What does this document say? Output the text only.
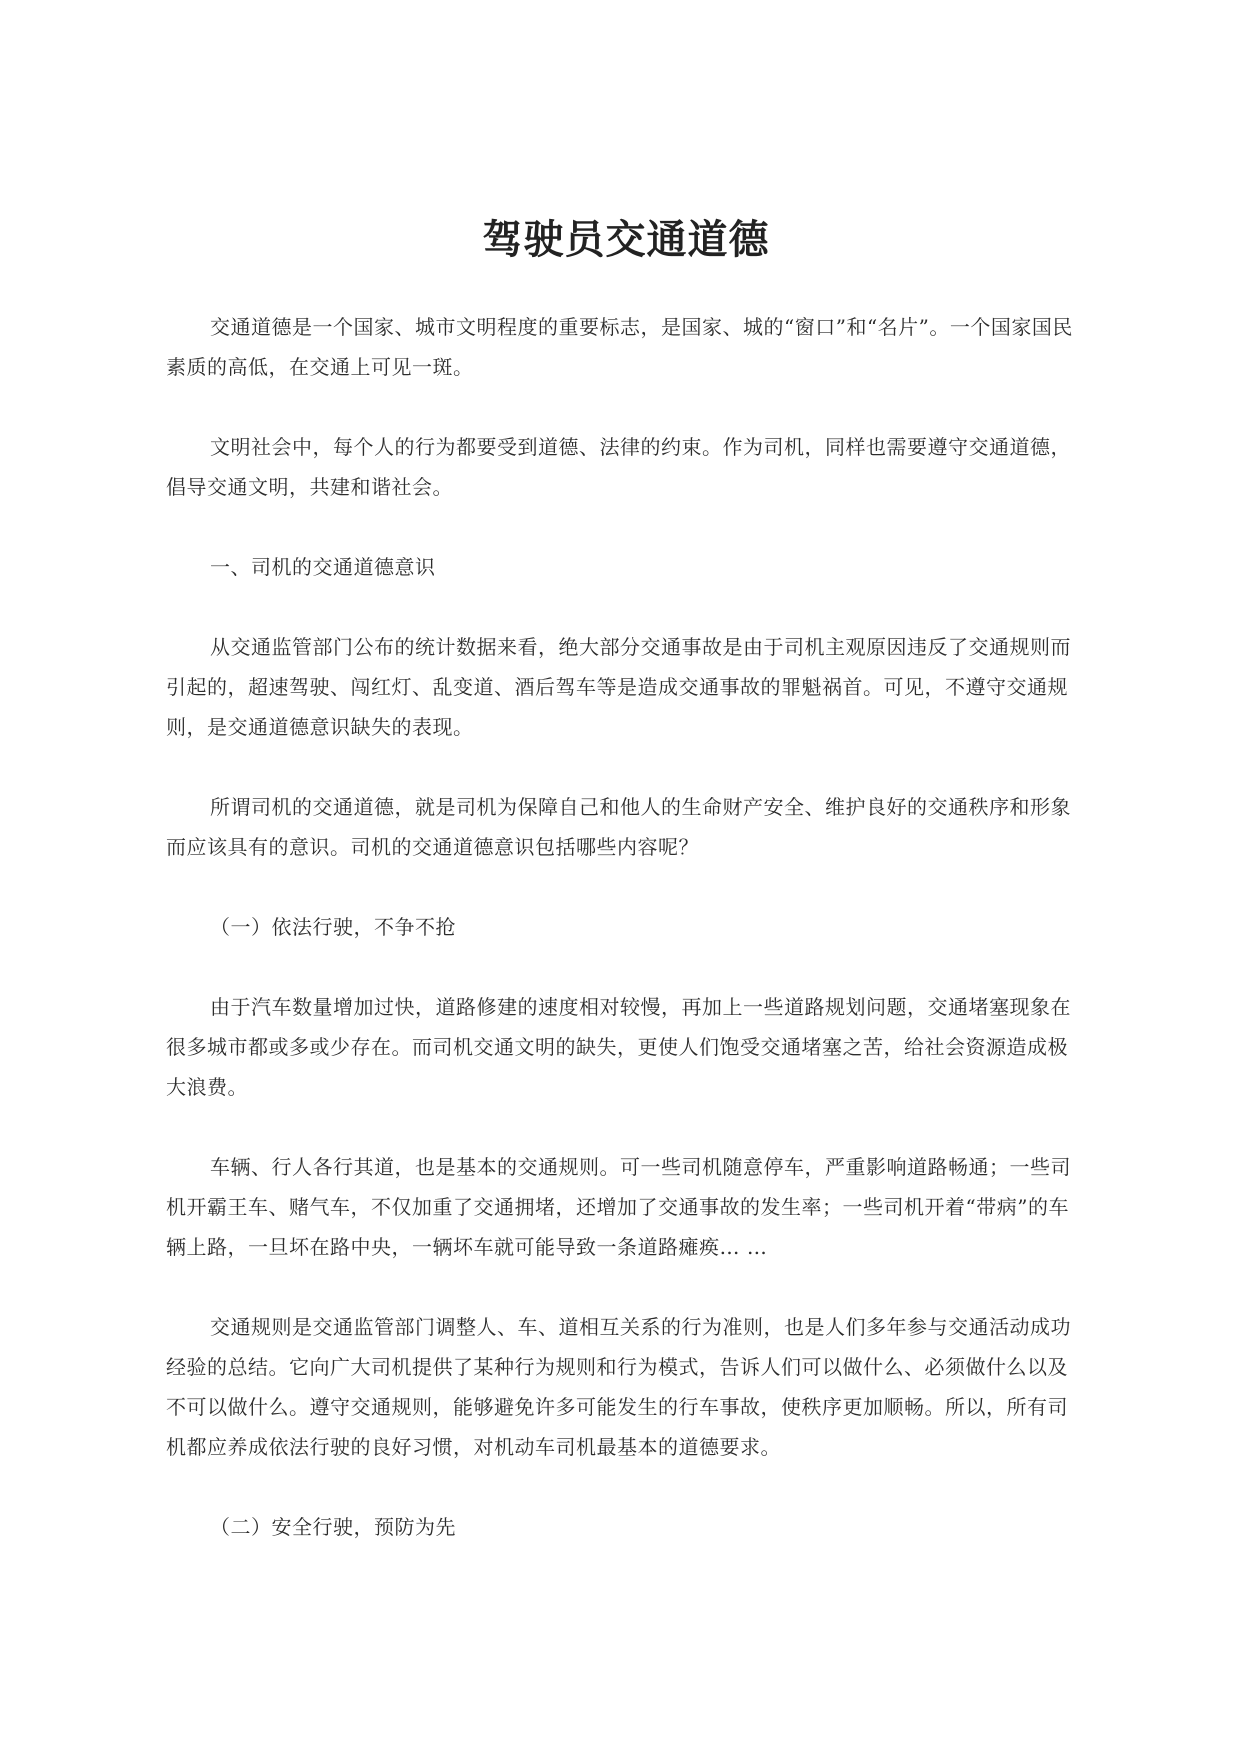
驾驶员交通道德

交通道德是一个国家、城市文明程度的重要标志，是国家、城的“窗口”和“名片”。一个国家国民素质的高低，在交通上可见一斑。

文明社会中，每个人的行为都要受到道德、法律的约束。作为司机，同样也需要遵守交通道德，倡导交通文明，共建和谐社会。

一、司机的交通道德意识

从交通监管部门公布的统计数据来看，绝大部分交通事故是由于司机主观原因违反了交通规则而引起的，超速驾驶、闯红灯、乱变道、酒后驾车等是造成交通事故的罪魁祸首。可见，不遵守交通规则，是交通道德意识缺失的表现。

所谓司机的交通道德，就是司机为保障自己和他人的生命财产安全、维护良好的交通秩序和形象而应该具有的意识。司机的交通道德意识包括哪些内容呢？

（一）依法行驶，不争不抢

由于汽车数量增加过快，道路修建的速度相对较慢，再加上一些道路规划问题，交通堵塞现象在很多城市都或多或少存在。而司机交通文明的缺失，更使人们饱受交通堵塞之苦，给社会资源造成极大浪费。

车辆、行人各行其道，也是基本的交通规则。可一些司机随意停车，严重影响道路畅通；一些司机开霸王车、赌气车，不仅加重了交通拥堵，还增加了交通事故的发生率；一些司机开着“带病”的车辆上路，一旦坏在路中央，一辆坏车就可能导致一条道路瘫痪… …

交通规则是交通监管部门调整人、车、道相互关系的行为准则，也是人们多年参与交通活动成功经验的总结。它向广大司机提供了某种行为规则和行为模式，告诉人们可以做什么、必须做什么以及不可以做什么。遵守交通规则，能够避免许多可能发生的行车事故，使秩序更加顺畅。所以，所有司机都应养成依法行驶的良好习惯，对机动车司机最基本的道德要求。

（二）安全行驶，预防为先
